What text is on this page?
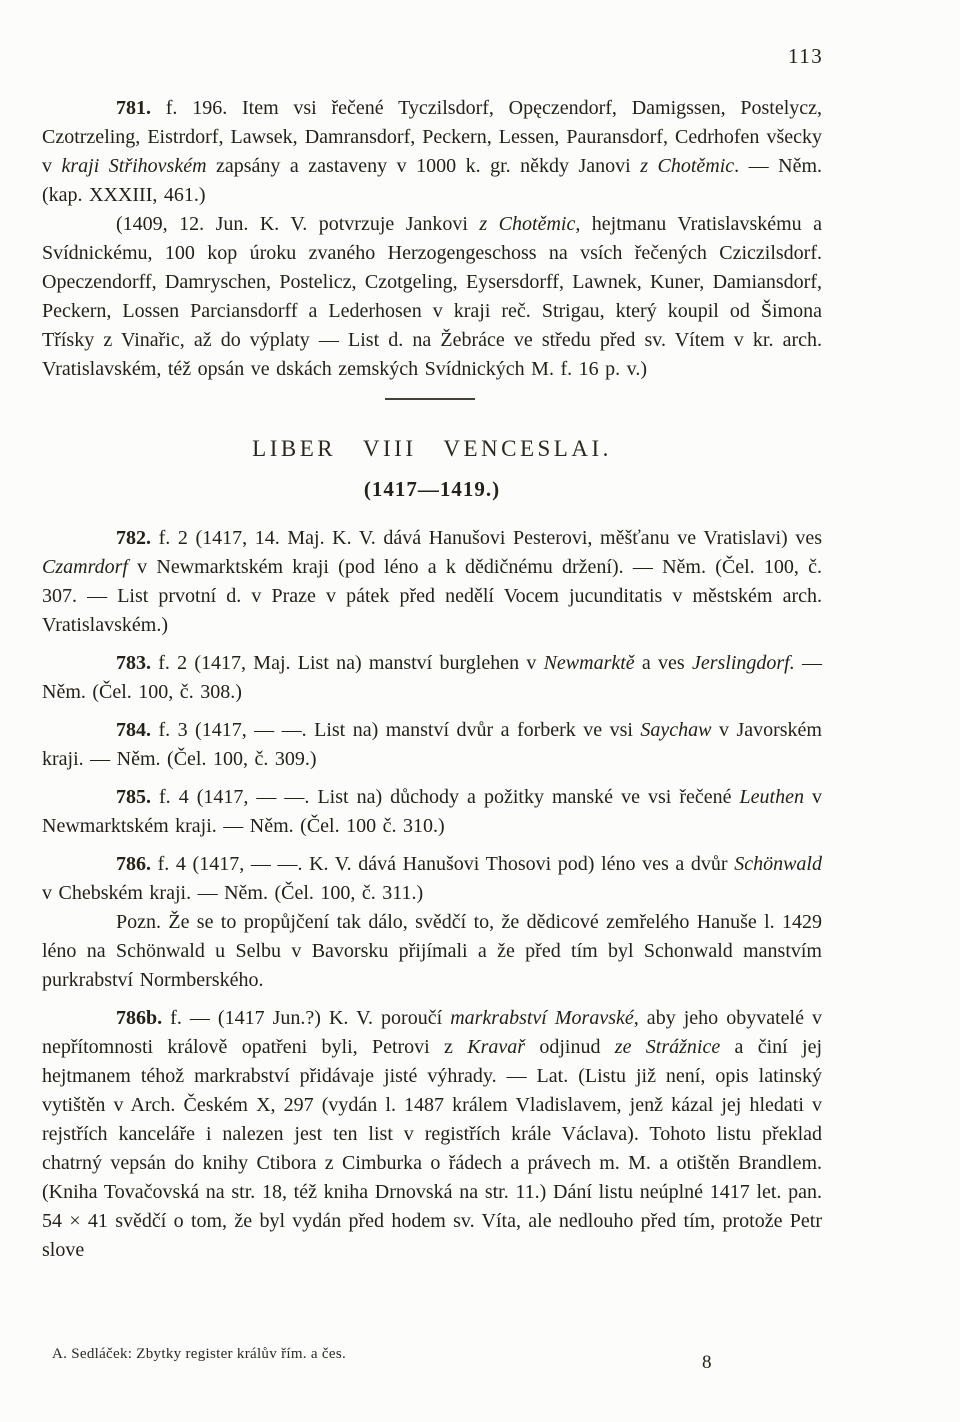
113

781. f. 196. Item vsi řečené Tyczilsdorf, Opęczendorf, Damigssen, Postelycz, Czotrzeling, Eistrdorf, Lawsek, Damransdorf, Peckern, Lessen, Pauransdorf, Cedrhofen všecky v kraji Střihovském zapsány a zastaveny v 1000 k. gr. někdy Janovi z Chotěmic. — Něm. (kap. XXXIII, 461.)

(1409, 12. Jun. K. V. potvrzuje Jankovi z Chotěmic, hejtmanu Vratislavskému a Svídnickému, 100 kop úroku zvaného Herzogengeschoss na vsích řečených Cziczilsdorf. Opeczendorff, Damryschen, Postelicz, Czotgeling, Eysersdorff, Lawnek, Kuner, Damiansdorf, Peckern, Lossen Parciansdorff a Lederhosen v kraji reč. Strigau, který koupil od Šimona Třísky z Vinařic, až do výplaty — List d. na Žebráce ve středu před sv. Vítem v kr. arch. Vratislavském, též opsán ve dskách zemských Svídnických M. f. 16 p. v.)

LIBER VIII VENCESLAI.
(1417—1419.)

782. f. 2 (1417, 14. Maj. K. V. dává Hanušovi Pesterovi, měšťanu ve Vratislavi) ves Czamrdorf v Newmarktském kraji (pod léno a k dědičnému držení). — Něm. (Čel. 100, č. 307. — List prvotní d. v Praze v pátek před nedělí Vocem jucunditatis v městském arch. Vratislavském.)

783. f. 2 (1417, Maj. List na) manství burglehen v Newmarktě a ves Jerslingdorf. — Něm. (Čel. 100, č. 308.)

784. f. 3 (1417, — —. List na) manství dvůr a forberk ve vsi Saychaw v Javorském kraji. — Něm. (Čel. 100, č. 309.)

785. f. 4 (1417, — —. List na) důchody a požitky manské ve vsi řečené Leuthen v Newmarktském kraji. — Něm. (Čel. 100 č. 310.)

786. f. 4 (1417, — —. K. V. dává Hanušovi Thosovi pod) léno ves a dvůr Schönwald v Chebském kraji. — Něm. (Čel. 100, č. 311.)

Pozn. Že se to propůjčení tak dálo, svědčí to, že dědicové zemřelého Hanuše l. 1429 léno na Schönwald u Selbu v Bavorsku přijímali a že před tím byl Schonwald manstvím purkrabství Normberského.

786b. f. — (1417 Jun.?) K. V. poroučí markrabství Moravské, aby jeho obyvatelé v nepřítomnosti králově opatřeni byli, Petrovi z Kravař odjinud ze Strážnice a činí jej hejtmanem téhož markrabství přidávaje jisté výhrady. — Lat. (Listu již není, opis latinský vytištěn v Arch. Českém X, 297 (vydán l. 1487 králem Vladislavem, jenž kázal jej hledati v rejstřích kanceláře i nalezen jest ten list v registřích krále Václava). Tohoto listu překlad chatrný vepsán do knihy Ctibora z Cimburka o řádech a právech m. M. a otištěn Brandlem. (Kniha Tovačovská na str. 18, též kniha Drnovská na str. 11.) Dání listu neúplné 1417 let. pan. 54 × 41 svědčí o tom, že byl vydán před hodem sv. Víta, ale nedlouho před tím, protože Petr slove

A. Sedláček: Zbytky register králův řím. a čes.	8
